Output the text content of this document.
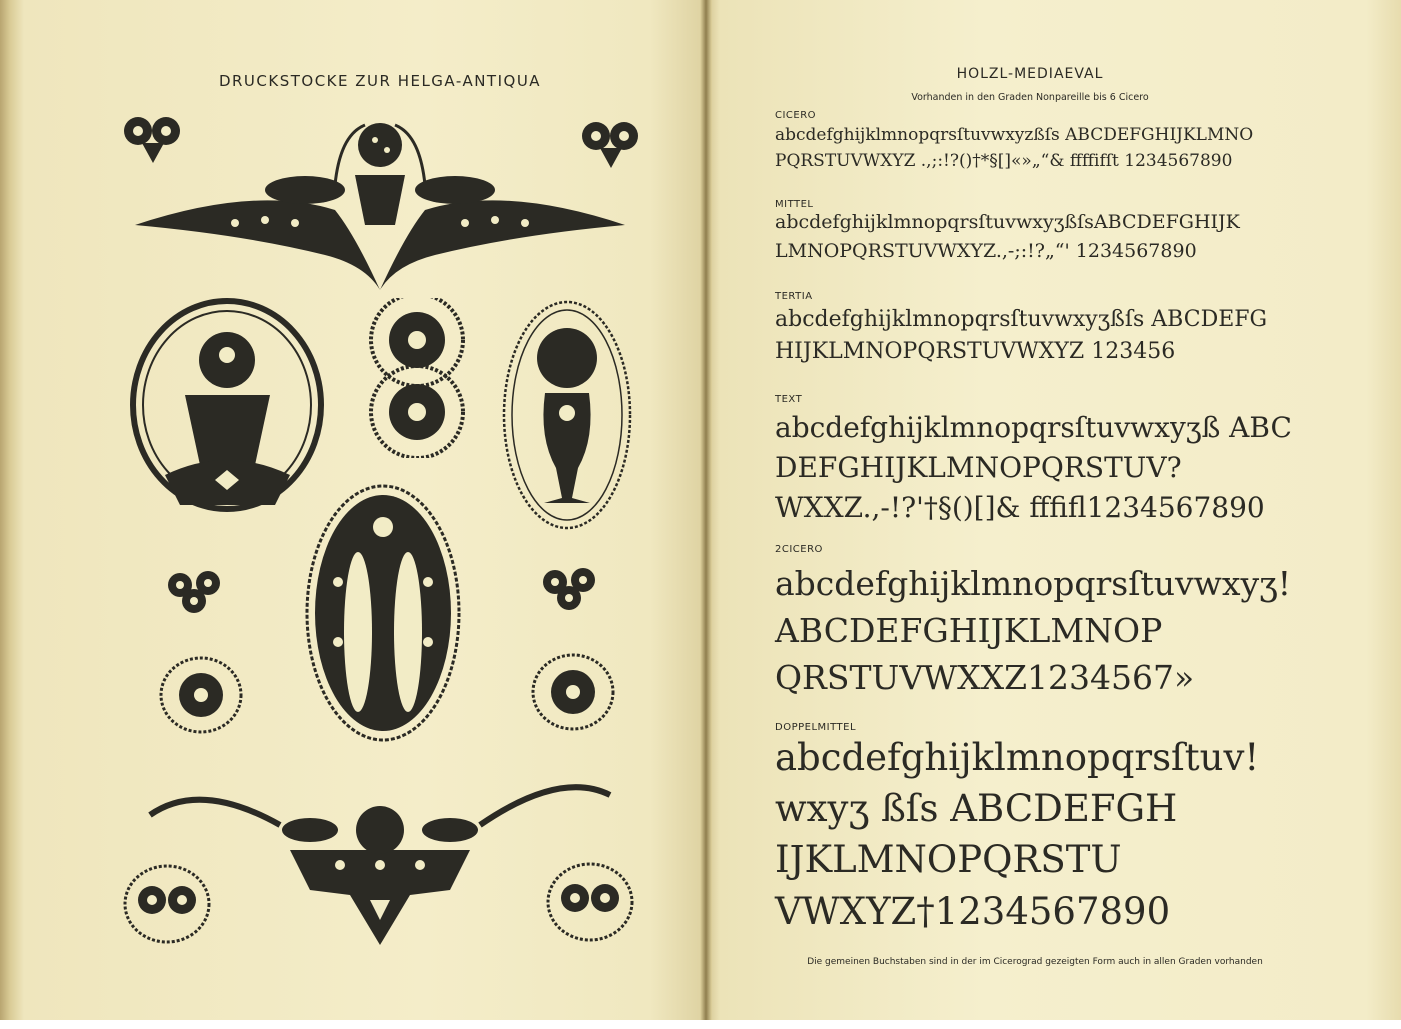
DRUCKSTOCKE ZUR HELGA-ANTIQUA	HOLZL-MEDIAEVAL
Vorhanden in den Graden Nonpareille bis 6 Cicero
CICERO
abcdefghijklmnopqrsſtuvwxyzßſs ABCDEFGHIJKLMNO
PQRSTUVWXYZ .,;:!?()†*§[]«»„“& ffffifſt 1234567890
MITTEL
abcdefghijklmnopqrsſtuvwxyʒßſsABCDEFGHIJK
LMNOPQRSTUVWXYZ.,-;:!?„“' 1234567890
TERTIA
abcdefghijklmnopqrsſtuvwxyʒßſs ABCDEFG
HIJKLMNOPQRSTUVWXYZ 123456
TEXT
abcdefghijklmnopqrsſtuvwxyʒß ABC
DEFGHIJKLMNOPQRSTUV?
WXXZ.,-!?'†§()[]& fffifl1234567890
2CICERO
abcdefghijklmnopqrsſtuvwxyʒ!
ABCDEFGHIJKLMNOP
QRSTUVWXXZ1234567»
DOPPELMITTEL
abcdefghijklmnopqrsſtuv!
wxyʒ ßſs ABCDEFGH
IJKLMNOPQRSTU
VWXYZ†1234567890
Die gemeinen Buchstaben sind in der im Cicerograd gezeigten Form auch in allen Graden vorhanden
